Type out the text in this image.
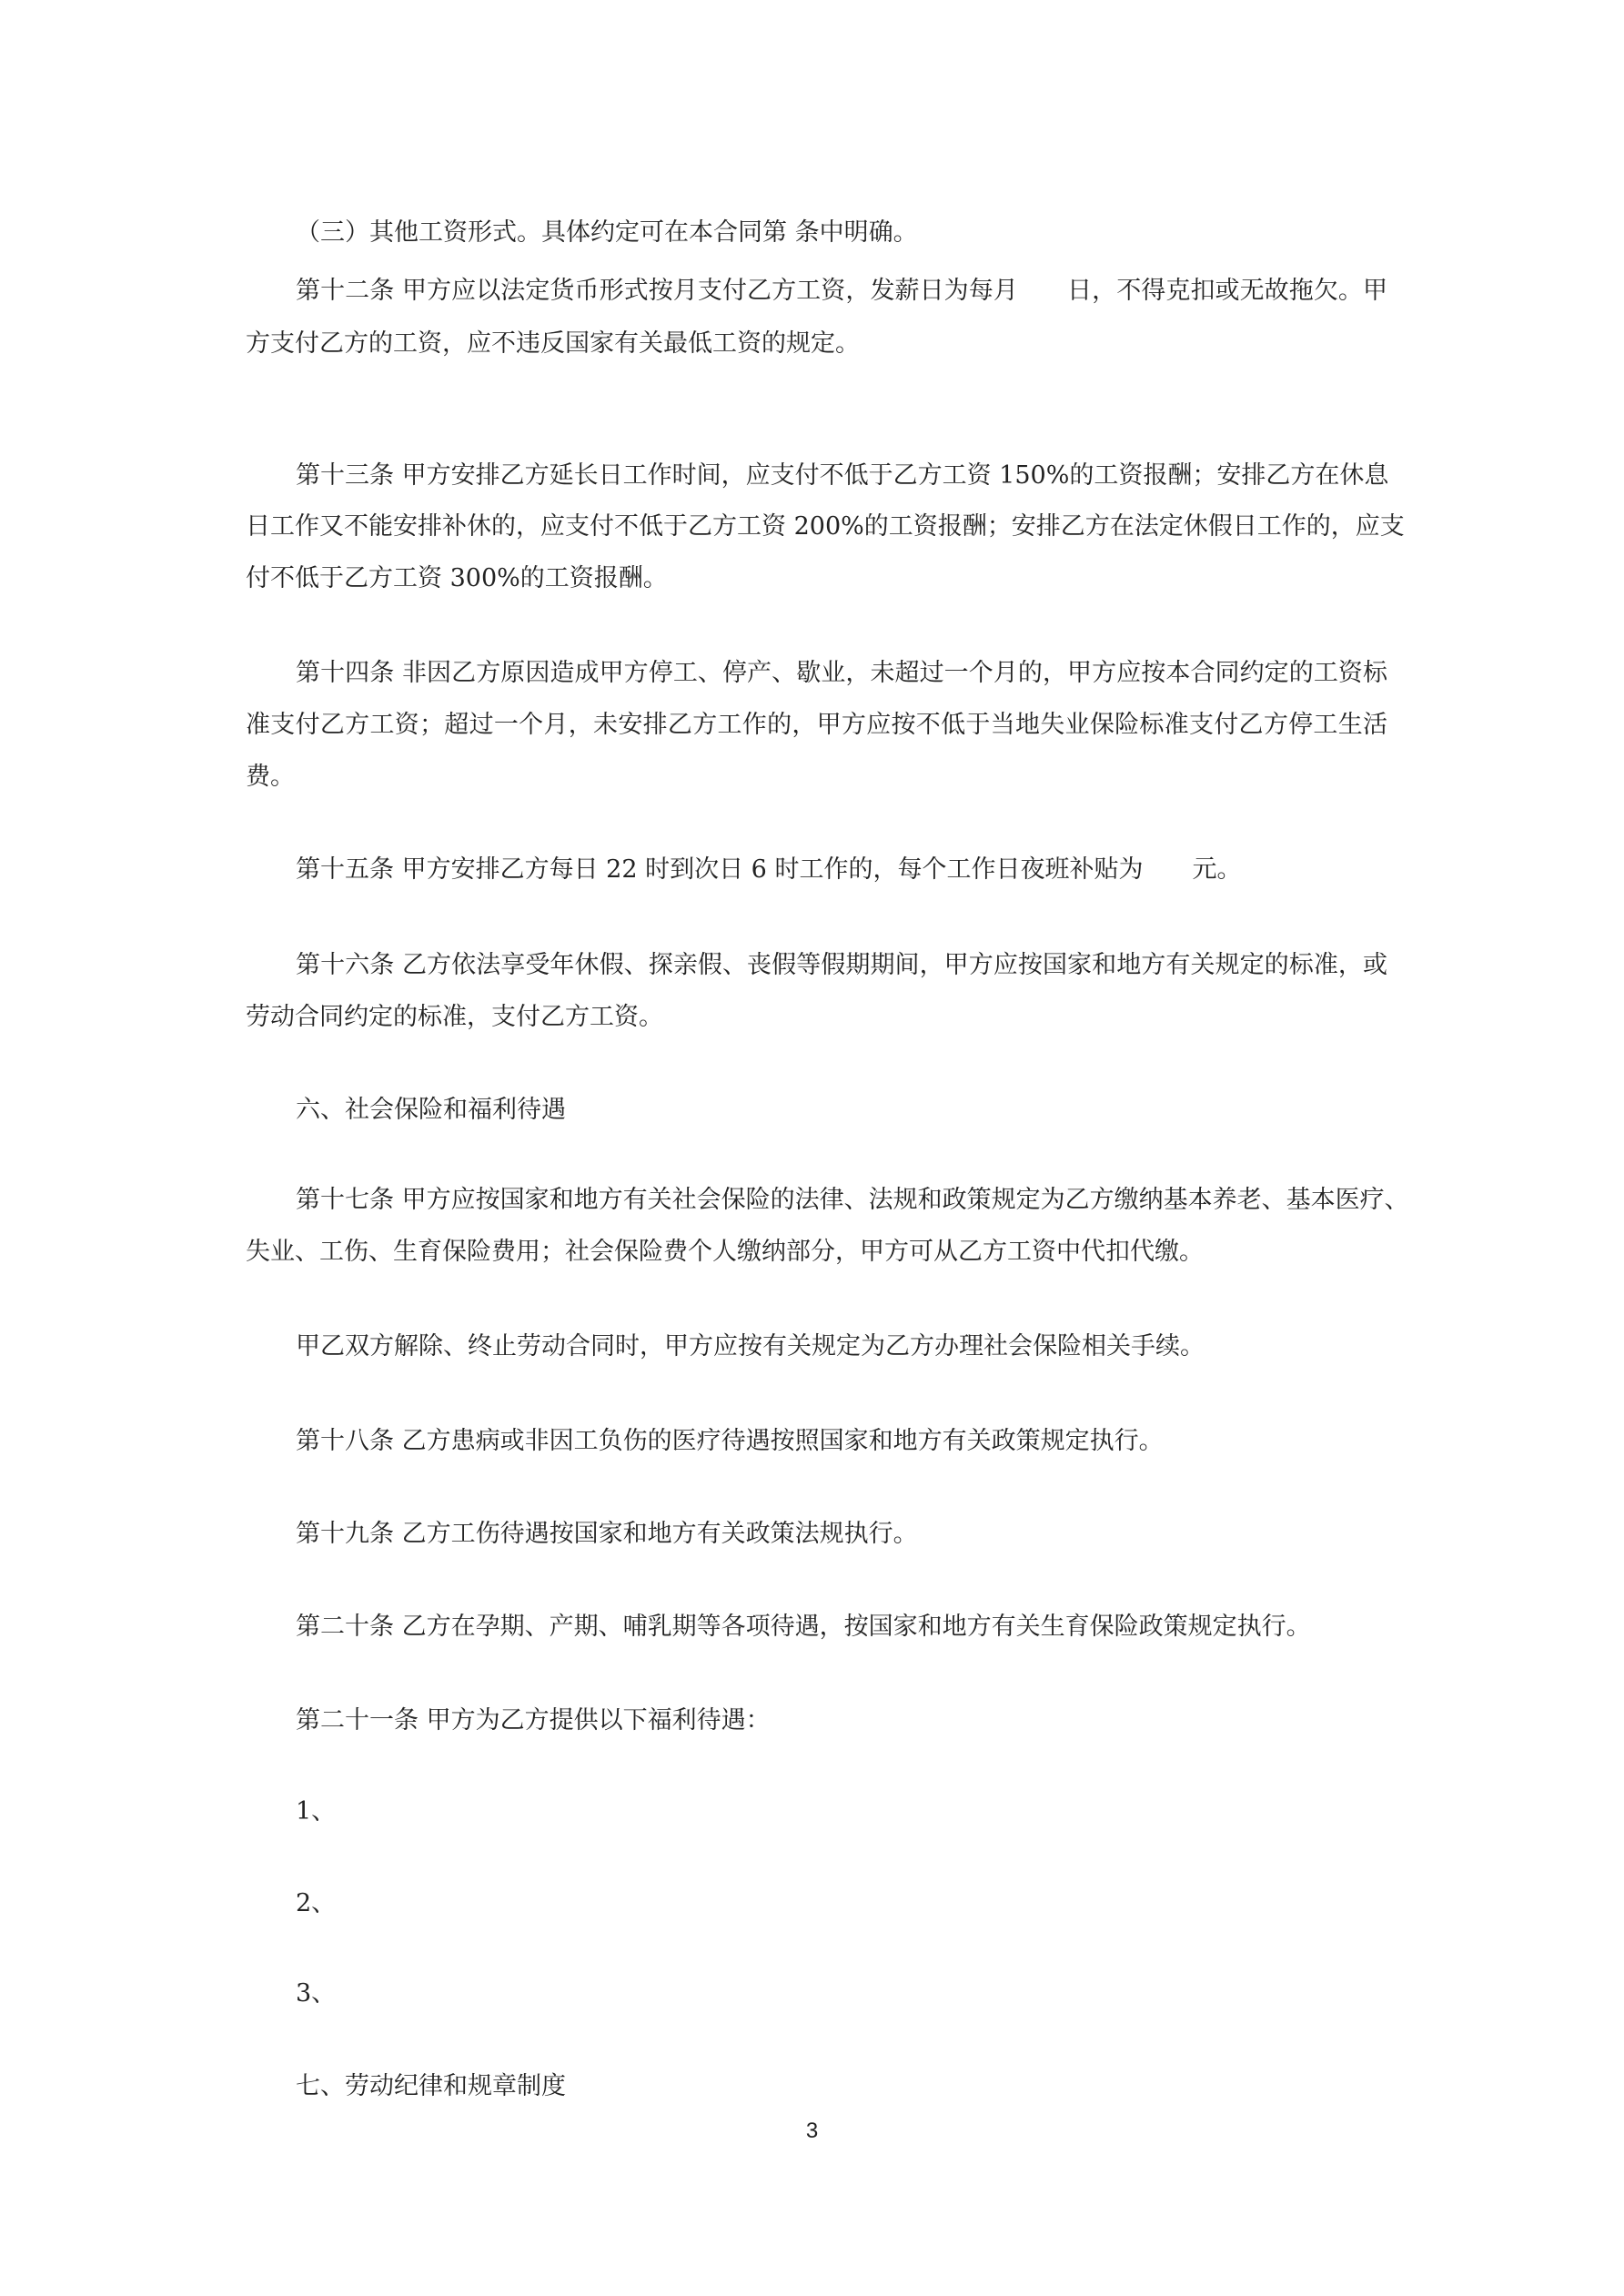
（三）其他工资形式。具体约定可在本合同第 条中明确。
第十二条 甲方应以法定货币形式按月支付乙方工资，发薪日为每月　　日，不得克扣或无故拖欠。甲
方支付乙方的工资，应不违反国家有关最低工资的规定。
第十三条 甲方安排乙方延长日工作时间，应支付不低于乙方工资 150%的工资报酬；安排乙方在休息
日工作又不能安排补休的，应支付不低于乙方工资 200%的工资报酬；安排乙方在法定休假日工作的，应支
付不低于乙方工资 300%的工资报酬。
第十四条 非因乙方原因造成甲方停工、停产、歇业，未超过一个月的，甲方应按本合同约定的工资标
准支付乙方工资；超过一个月，未安排乙方工作的，甲方应按不低于当地失业保险标准支付乙方停工生活
费。
第十五条 甲方安排乙方每日 22 时到次日 6 时工作的，每个工作日夜班补贴为　　元。
第十六条 乙方依法享受年休假、探亲假、丧假等假期期间，甲方应按国家和地方有关规定的标准，或
劳动合同约定的标准，支付乙方工资。
六、社会保险和福利待遇
第十七条 甲方应按国家和地方有关社会保险的法律、法规和政策规定为乙方缴纳基本养老、基本医疗、
失业、工伤、生育保险费用；社会保险费个人缴纳部分，甲方可从乙方工资中代扣代缴。
甲乙双方解除、终止劳动合同时，甲方应按有关规定为乙方办理社会保险相关手续。
第十八条 乙方患病或非因工负伤的医疗待遇按照国家和地方有关政策规定执行。
第十九条 乙方工伤待遇按国家和地方有关政策法规执行。
第二十条 乙方在孕期、产期、哺乳期等各项待遇，按国家和地方有关生育保险政策规定执行。
第二十一条 甲方为乙方提供以下福利待遇：
1、
2、
3、
七、劳动纪律和规章制度
3
